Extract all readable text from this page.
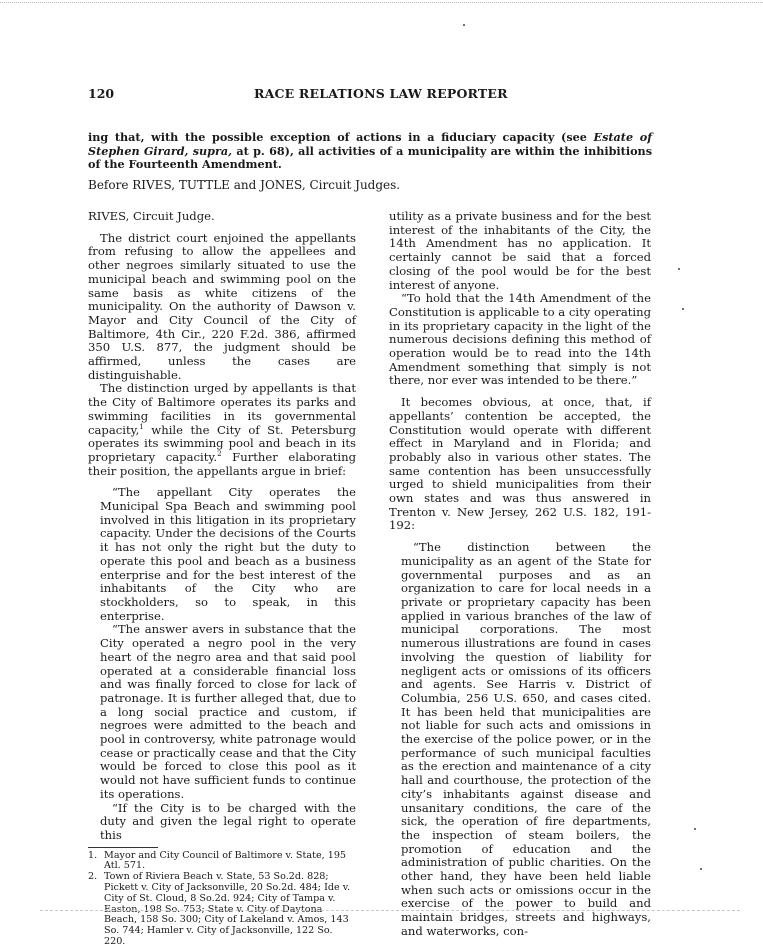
120	RACE RELATIONS LAW REPORTER
ing that, with the possible exception of actions in a fiduciary capacity (see Estate of Stephen Girard, supra, at p. 68), all activities of a municipality are within the inhibitions of the Fourteenth Amendment.
Before RIVES, TUTTLE and JONES, Circuit Judges.

RIVES, Circuit Judge.

The district court enjoined the appellants from refusing to allow the appellees and other negroes similarly situated to use the municipal beach and swimming pool on the same basis as white citizens of the municipality. On the authority of Dawson v. Mayor and City Council of the City of Baltimore, 4th Cir., 220 F.2d. 386, affirmed 350 U.S. 877, the judgment should be affirmed, unless the cases are distinguishable.

The distinction urged by appellants is that the City of Baltimore operates its parks and swimming facilities in its governmental capacity,$^1$ while the City of St. Petersburg operates its swimming pool and beach in its proprietary capacity.$^2$ Further elaborating their position, the appellants argue in brief:

“The appellant City operates the Municipal Spa Beach and swimming pool involved in this litigation in its proprietary capacity. Under the decisions of the Courts it has not only the right but the duty to operate this pool and beach as a business enterprise and for the best interest of the inhabitants of the City who are stockholders, so to speak, in this enterprise.

“The answer avers in substance that the City operated a negro pool in the very heart of the negro area and that said pool operated at a considerable financial loss and was finally forced to close for lack of patronage. It is further alleged that, due to a long social practice and custom, if negroes were admitted to the beach and pool in controversy, white patronage would cease or practically cease and that the City would be forced to close this pool as it would not have sufficient funds to continue its operations.

“If the City is to be charged with the duty and given the legal right to operate this

1. Mayor and City Council of Baltimore v. State, 195 Atl. 571.
2. Town of Riviera Beach v. State, 53 So.2d. 828; Pickett v. City of Jacksonville, 20 So.2d. 484; Ide v. City of St. Cloud, 8 So.2d. 924; City of Tampa v. Easton, 198 So. 753; State v. City of Daytona Beach, 158 So. 300; City of Lakeland v. Amos, 143 So. 744; Hamler v. City of Jacksonville, 122 So. 220.

utility as a private business and for the best interest of the inhabitants of the City, the 14th Amendment has no application. It certainly cannot be said that a forced closing of the pool would be for the best interest of anyone.

“To hold that the 14th Amendment of the Constitution is applicable to a city operating in its proprietary capacity in the light of the numerous decisions defining this method of operation would be to read into the 14th Amendment something that simply is not there, nor ever was intended to be there.”

It becomes obvious, at once, that, if appellants’ contention be accepted, the Constitution would operate with different effect in Maryland and in Florida; and probably also in various other states. The same contention has been unsuccessfully urged to shield municipalities from their own states and was thus answered in Trenton v. New Jersey, 262 U.S. 182, 191-192:

“The distinction between the municipality as an agent of the State for governmental purposes and as an organization to care for local needs in a private or proprietary capacity has been applied in various branches of the law of municipal corporations. The most numerous illustrations are found in cases involving the question of liability for negligent acts or omissions of its officers and agents. See Harris v. District of Columbia, 256 U.S. 650, and cases cited. It has been held that municipalities are not liable for such acts and omissions in the exercise of the police power, or in the performance of such municipal faculties as the erection and maintenance of a city hall and courthouse, the protection of the city’s inhabitants against disease and unsanitary conditions, the care of the sick, the operation of fire departments, the inspection of steam boilers, the promotion of education and the administration of public charities. On the other hand, they have been held liable when such acts or omissions occur in the exercise of the power to build and maintain bridges, streets and highways, and waterworks, con-
